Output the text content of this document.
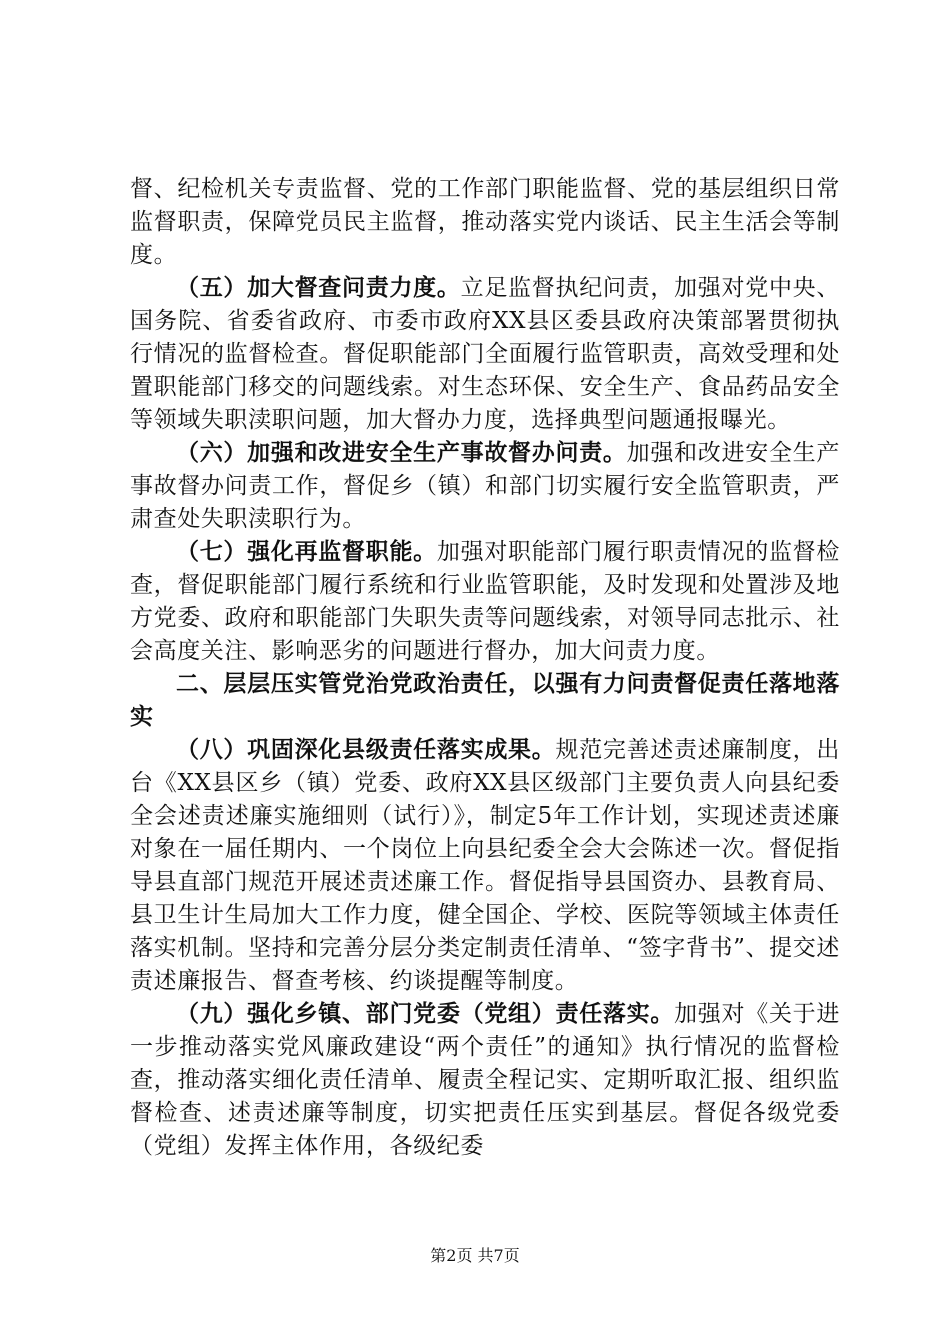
督、纪检机关专责监督、党的工作部门职能监督、党的基层组织日常监督职责，保障党员民主监督，推动落实党内谈话、民主生活会等制度。

（五）加大督查问责力度。立足监督执纪问责，加强对党中央、国务院、省委省政府、市委市政府XX县区委县政府决策部署贯彻执行情况的监督检查。督促职能部门全面履行监管职责，高效受理和处置职能部门移交的问题线索。对生态环保、安全生产、食品药品安全等领域失职渎职问题，加大督办力度，选择典型问题通报曝光。

（六）加强和改进安全生产事故督办问责。加强和改进安全生产事故督办问责工作，督促乡（镇）和部门切实履行安全监管职责，严肃查处失职渎职行为。

（七）强化再监督职能。加强对职能部门履行职责情况的监督检查，督促职能部门履行系统和行业监管职能，及时发现和处置涉及地方党委、政府和职能部门失职失责等问题线索，对领导同志批示、社会高度关注、影响恶劣的问题进行督办，加大问责力度。

二、层层压实管党治党政治责任，以强有力问责督促责任落地落实

（八）巩固深化县级责任落实成果。规范完善述责述廉制度，出台《XX县区乡（镇）党委、政府XX县区级部门主要负责人向县纪委全会述责述廉实施细则（试行）》，制定5年工作计划，实现述责述廉对象在一届任期内、一个岗位上向县纪委全会大会陈述一次。督促指导县直部门规范开展述责述廉工作。督促指导县国资办、县教育局、县卫生计生局加大工作力度，健全国企、学校、医院等领域主体责任落实机制。坚持和完善分层分类定制责任清单、“签字背书”、提交述责述廉报告、督查考核、约谈提醒等制度。

（九）强化乡镇、部门党委（党组）责任落实。加强对《关于进一步推动落实党风廉政建设“两个责任”的通知》执行情况的监督检查，推动落实细化责任清单、履责全程记实、定期听取汇报、组织监督检查、述责述廉等制度，切实把责任压实到基层。督促各级党委（党组）发挥主体作用，各级纪委

第2页 共7页
